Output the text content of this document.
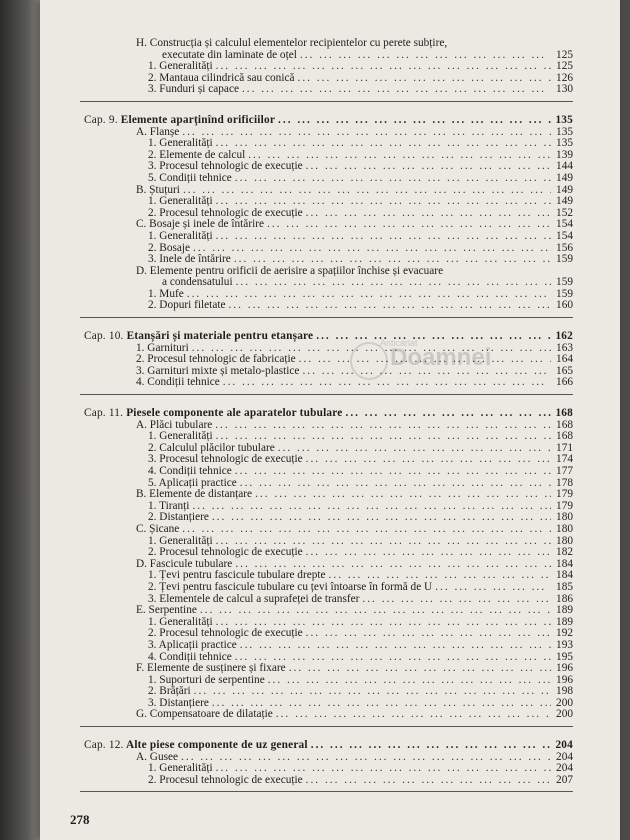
Anticariat
Doamnei
H. Construcția și calculul elementelor recipientelor cu perete subțire,
executate din laminate de oțel ... .	125
1. Generalități ... .	125
2. Mantaua cilindrică sau conică ... .	126
3. Funduri și capace ... .	130
Cap. 9. Elemente aparținînd orificiilor ... .	135
A. Flanșe ... .	135
1. Generalități ... .	135
2. Elemente de calcul ... .	139
3. Procesul tehnologic de execuție ... .	144
5. Condiții tehnice ... .	149
B. Ștuțuri ... .	149
1. Generalități ... .	149
2. Procesul tehnologic de execuție ... .	152
C. Bosaje și inele de întărire ... .	154
1. Generalități ... .	154
2. Bosaje ... .	156
3. Inele de întărire ... .	159
D. Elemente pentru orificii de aerisire a spațiilor închise și evacuare
a condensatului ... .	159
1. Mufe ... .	159
2. Dopuri filetate ... .	160
Cap. 10. Etanșări și materiale pentru etanșare ... .	162
1. Garnituri ... .	163
2. Procesul tehnologic de fabricație ... .	164
3. Garnituri mixte și metalo-plastice ... .	165
4. Condiții tehnice ... .	166
Cap. 11. Piesele componente ale aparatelor tubulare ... .	168
A. Plăci tubulare ... .	168
1. Generalități ... .	168
2. Calculul plăcilor tubulare ... .	171
3. Procesul tehnologic de execuție ... .	174
4. Condiții tehnice ... .	177
5. Aplicații practice ... .	178
B. Elemente de distanțare ... .	179
1. Tiranți ... .	179
2. Distanțiere ... .	180
C. Șicane ... .	180
1. Generalități ... .	180
2. Procesul tehnologic de execuție ... .	182
D. Fascicule tubulare ... .	184
1. Țevi pentru fascicule tubulare drepte ... .	184
2. Țevi pentru fascicule tubulare cu țevi întoarse în formă de U ... .	185
3. Elementele de calcul a suprafeței de transfer ... .	186
E. Serpentine ... .	189
1. Generalități ... .	189
2. Procesul tehnologic de execuție ... .	192
3. Aplicații practice ... .	193
4. Condiții tehnice ... .	195
F. Elemente de susținere și fixare ... .	196
1. Suporturi de serpentine ... .	196
2. Brățări ... .	198
3. Distanțiere ... .	200
G. Compensatoare de dilatație ... .	200
Cap. 12. Alte piese componente de uz general ... .	204
A. Gusee ... .	204
1. Generalități ... .	204
2. Procesul tehnologic de execuție ... .	207
278
